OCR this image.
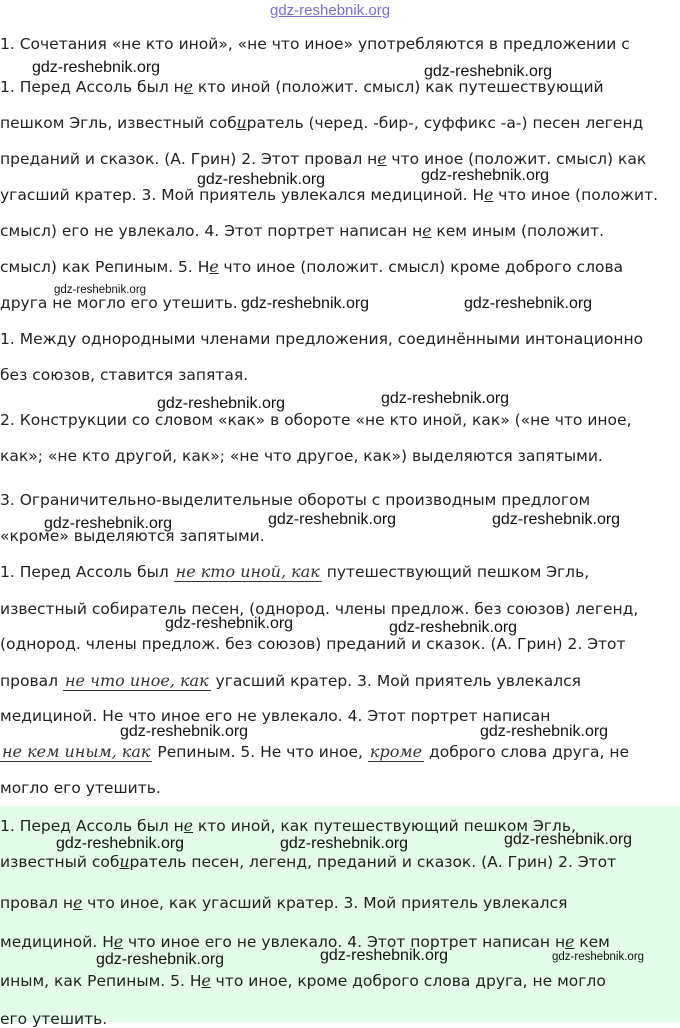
gdz-reshebnik.org
1. Сочетания «не кто иной», «не что иное» употребляются в предложении с
1. Перед Ассоль был не кто иной (положит. смысл) как путешествующий
пешком Эгль, известный собиратель (черед. -бир-, суффикс -а-) песен легенд
преданий и сказок. (А. Грин) 2. Этот провал не что иное (положит. смысл) как
угасший кратер. 3. Мой приятель увлекался медициной. Не что иное (положит.
смысл) его не увлекало. 4. Этот портрет написан не кем иным (положит.
смысл) как Репиным. 5. Не что иное (положит. смысл) кроме доброго слова
друга не могло его утешить.
1. Между однородными членами предложения, соединёнными интонационно
без союзов, ставится запятая.
2. Конструкции со словом «как» в обороте «не кто иной, как» («не что иное,
как»; «не кто другой, как»; «не что другое, как») выделяются запятыми.
3. Ограничительно-выделительные обороты с производным предлогом
«кроме» выделяются запятыми.
1. Перед Ассоль был не кто иной, как путешествующий пешком Эгль,
известный собиратель песен, (однород. члены предлож. без союзов) легенд,
(однород. члены предлож. без союзов) преданий и сказок. (А. Грин) 2. Этот
провал не что иное, как угасший кратер. 3. Мой приятель увлекался
медициной. Не что иное его не увлекало. 4. Этот портрет написан
не кем иным, как Репиным. 5. Не что иное, кроме доброго слова друга, не
могло его утешить.
1. Перед Ассоль был не кто иной, как путешествующий пешком Эгль,
известный собиратель песен, легенд, преданий и сказок. (А. Грин) 2. Этот
провал не что иное, как угасший кратер. 3. Мой приятель увлекался
медициной. Не что иное его не увлекало. 4. Этот портрет написан не кем
иным, как Репиным. 5. Не что иное, кроме доброго слова друга, не могло
его утешить.
gdz-reshebnik.org	gdz-reshebnik.org
gdz-reshebnik.org	gdz-reshebnik.org
gdz-reshebnik.org
gdz-reshebnik.org	gdz-reshebnik.org
gdz-reshebnik.org
gdz-reshebnik.org
gdz-reshebnik.org	gdz-reshebnik.org	gdz-reshebnik.org
gdz-reshebnik.org	gdz-reshebnik.org
gdz-reshebnik.org	gdz-reshebnik.org
gdz-reshebnik.org	gdz-reshebnik.org	gdz-reshebnik.org
gdz-reshebnik.org	gdz-reshebnik.org	gdz-reshebnik.org
